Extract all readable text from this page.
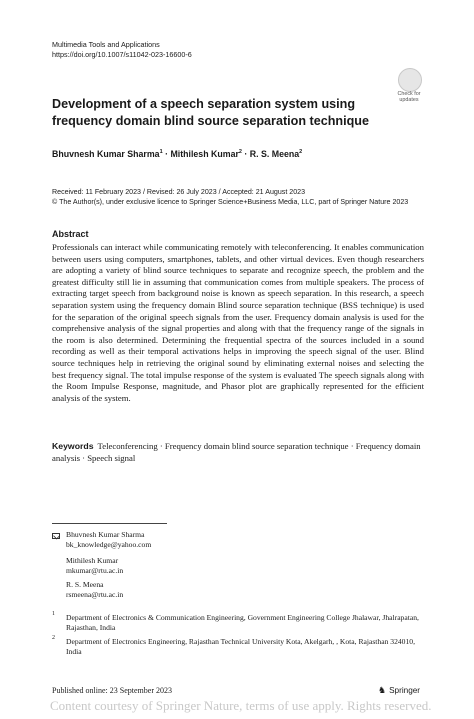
Multimedia Tools and Applications
https://doi.org/10.1007/s11042-023-16600-6
Check for
updates
Development of a speech separation system using frequency domain blind source separation technique
Bhuvnesh Kumar Sharma$^1$ · Mithilesh Kumar$^2$ · R. S. Meena$^2$
Received: 11 February 2023 / Revised: 26 July 2023 / Accepted: 21 August 2023
© The Author(s), under exclusive licence to Springer Science+Business Media, LLC, part of Springer Nature 2023
Abstract
Professionals can interact while communicating remotely with teleconferencing. It enables communication between users using computers, smartphones, tablets, and other virtual devices. Even though researchers are adopting a variety of blind source techniques to separate and recognize speech, the problem and the greatest difficulty still lie in assuming that communication comes from multiple speakers. The process of extracting target speech from background noise is known as speech separation. In this research, a speech separation system using the frequency domain Blind source separation technique (BSS technique) is used for the separation of the original speech signals from the user. Frequency domain analysis is used for the comprehensive analysis of the signal properties and along with that the frequency range of the signals in the room is also determined. Determining the frequential spectra of the sources included in a sound recording as well as their temporal activations helps in improving the speech signal of the user. Blind source techniques help in retrieving the original sound by eliminating external noises and selecting the best frequency signal. The total impulse response of the system is evaluated The speech signals along with the Room Impulse Response, magnitude, and Phasor plot are graphically represented for the efficient analysis of the system.
Keywords Teleconferencing · Frequency domain blind source separation technique · Frequency domain analysis · Speech signal
Bhuvnesh Kumar Sharma
bk_knowledge@yahoo.com
Mithilesh Kumar
mkumar@rtu.ac.in
R. S. Meena
rsmeena@rtu.ac.in
1 Department of Electronics & Communication Engineering, Government Engineering College Jhalawar, Jhalrapatan, Rajasthan, India
2 Department of Electronics Engineering, Rajasthan Technical University Kota, Akelgarh, , Kota, Rajasthan 324010, India
Published online: 23 September 2023	♞ Springer
Content courtesy of Springer Nature, terms of use apply. Rights reserved.
